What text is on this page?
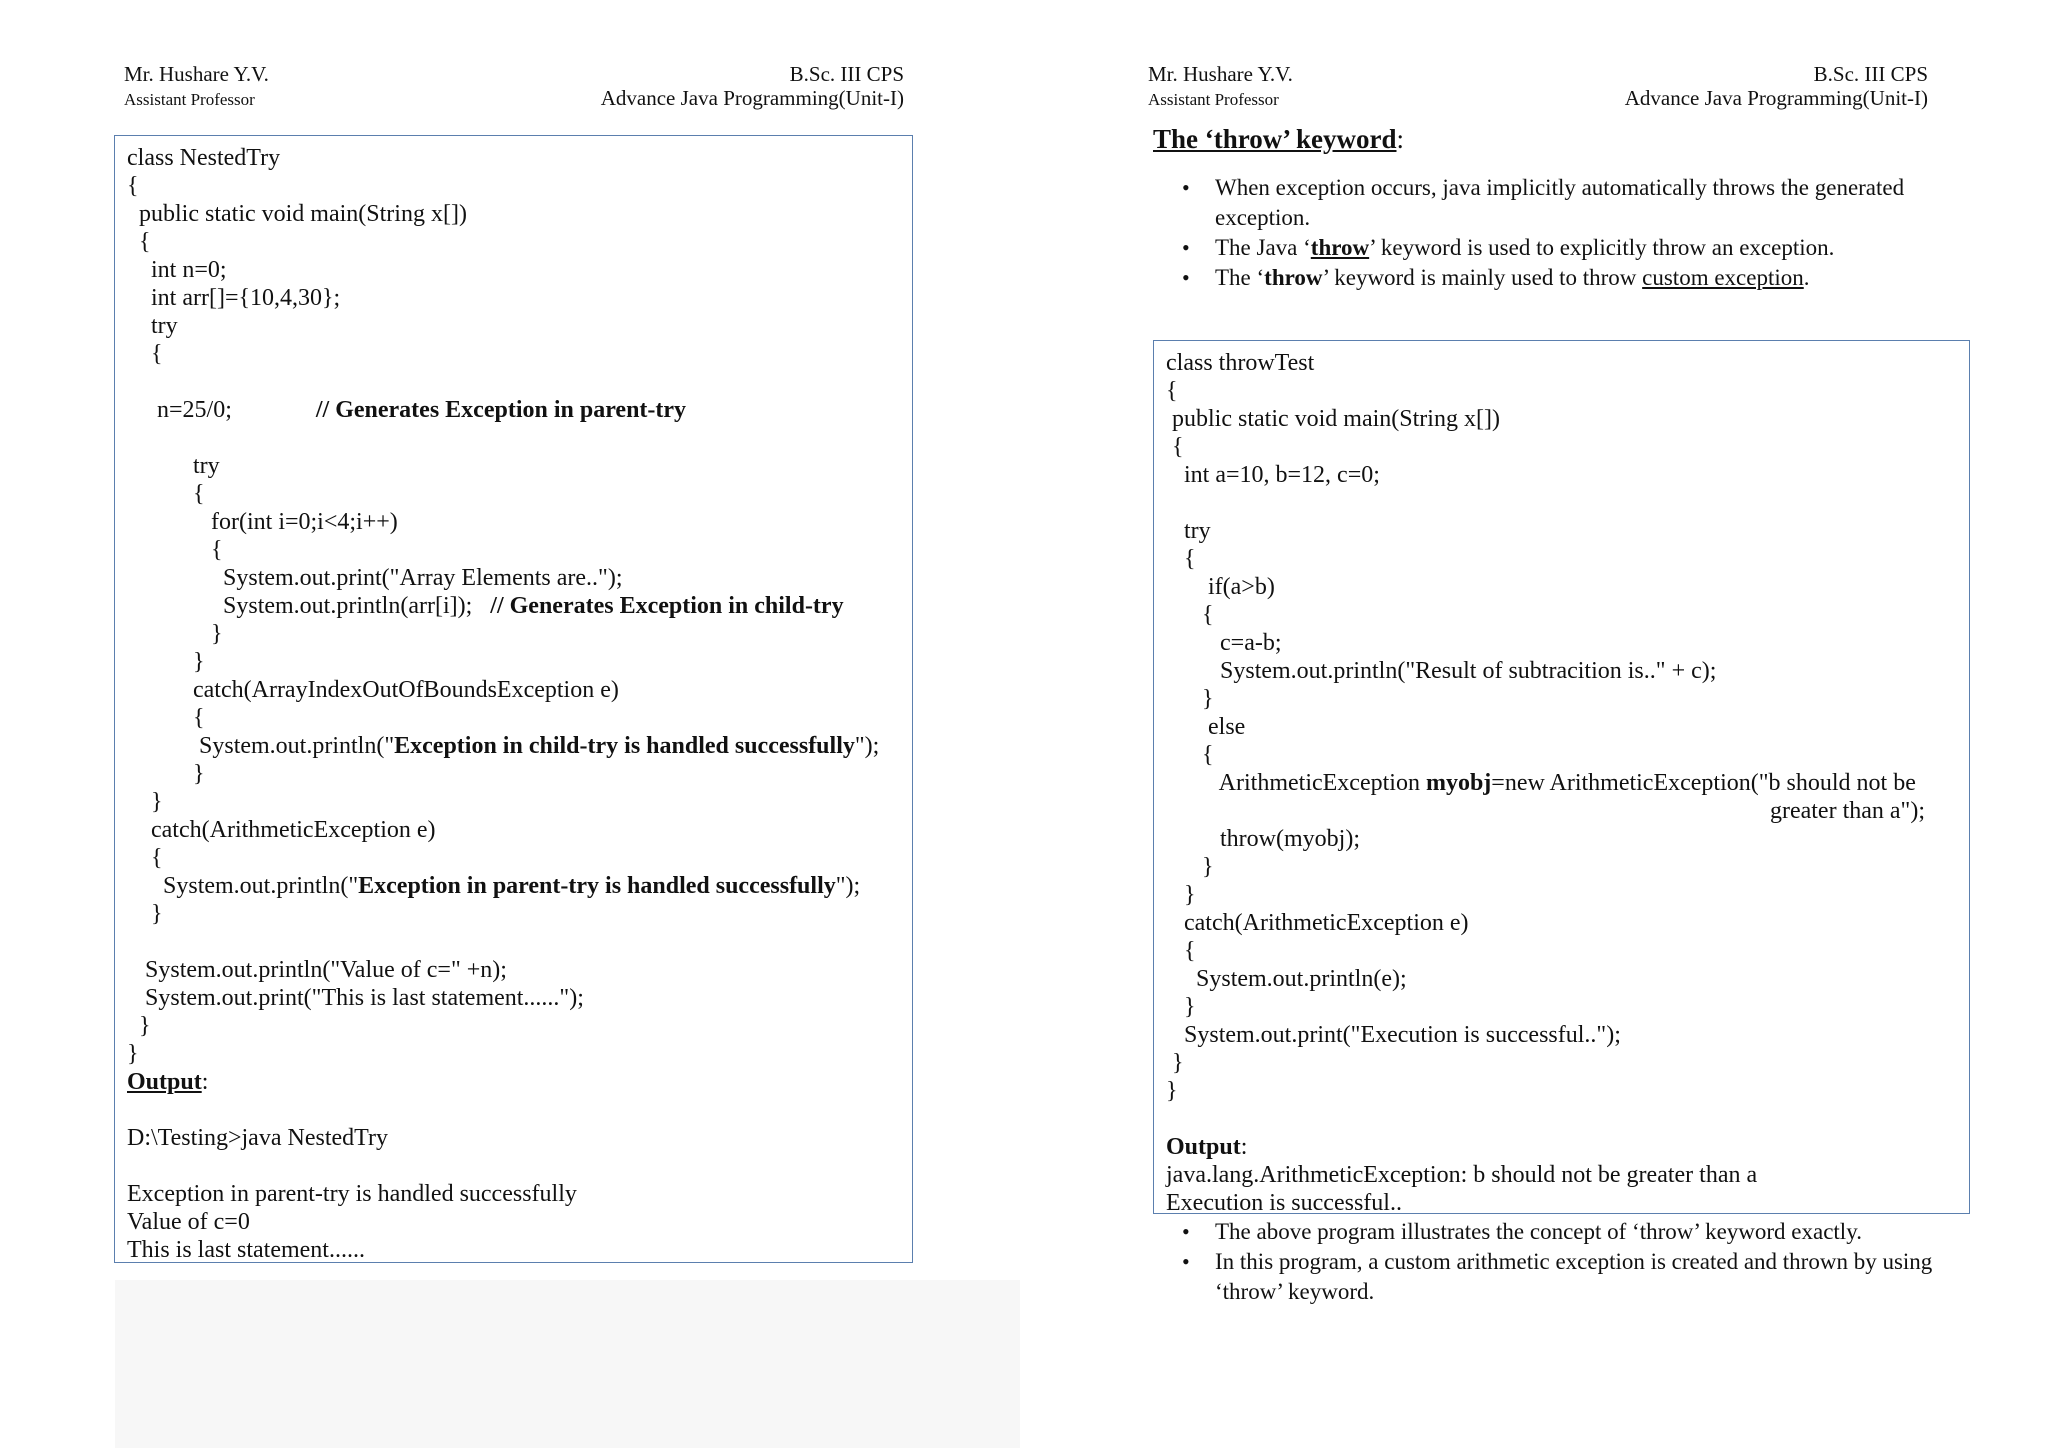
Mr. Hushare Y.V.
Assistant Professor
B.Sc. III CPS
Advance Java Programming(Unit-I)
class NestedTry
{
public static void main(String x[])
{
int n=0;
int arr[]={10,4,30};
try
{
n=25/0;              // Generates Exception in parent-try
try
{
for(int i=0;i<4;i++)
{
System.out.print("Array Elements are..");
System.out.println(arr[i]);   // Generates Exception in child-try
}
}
catch(ArrayIndexOutOfBoundsException e)
{
System.out.println("Exception in child-try is handled successfully");
}
}
catch(ArithmeticException e)
{
System.out.println("Exception in parent-try is handled successfully");
}
System.out.println("Value of c=" +n);
System.out.print("This is last statement......");
}
}
Output:
D:\Testing>java NestedTry
Exception in parent-try is handled successfully
Value of c=0
This is last statement......
Mr. Hushare Y.V.
Assistant Professor
B.Sc. III CPS
Advance Java Programming(Unit-I)
The ‘throw’ keyword:
• When exception occurs, java implicitly automatically throws the generated exception.
• The Java ‘throw’ keyword is used to explicitly throw an exception.
• The ‘throw’ keyword is mainly used to throw custom exception.
class throwTest
{
public static void main(String x[])
{
int a=10, b=12, c=0;
try
{
if(a>b)
{
c=a-b;
System.out.println("Result of subtracition is.." + c);
}
else
{
ArithmeticException myobj=new ArithmeticException("b should not be
greater than a");
throw(myobj);
}
}
catch(ArithmeticException e)
{
System.out.println(e);
}
System.out.print("Execution is successful..");
}
}
Output:
java.lang.ArithmeticException: b should not be greater than a
Execution is successful..
• The above program illustrates the concept of ‘throw’ keyword exactly.
• In this program, a custom arithmetic exception is created and thrown by using ‘throw’ keyword.
